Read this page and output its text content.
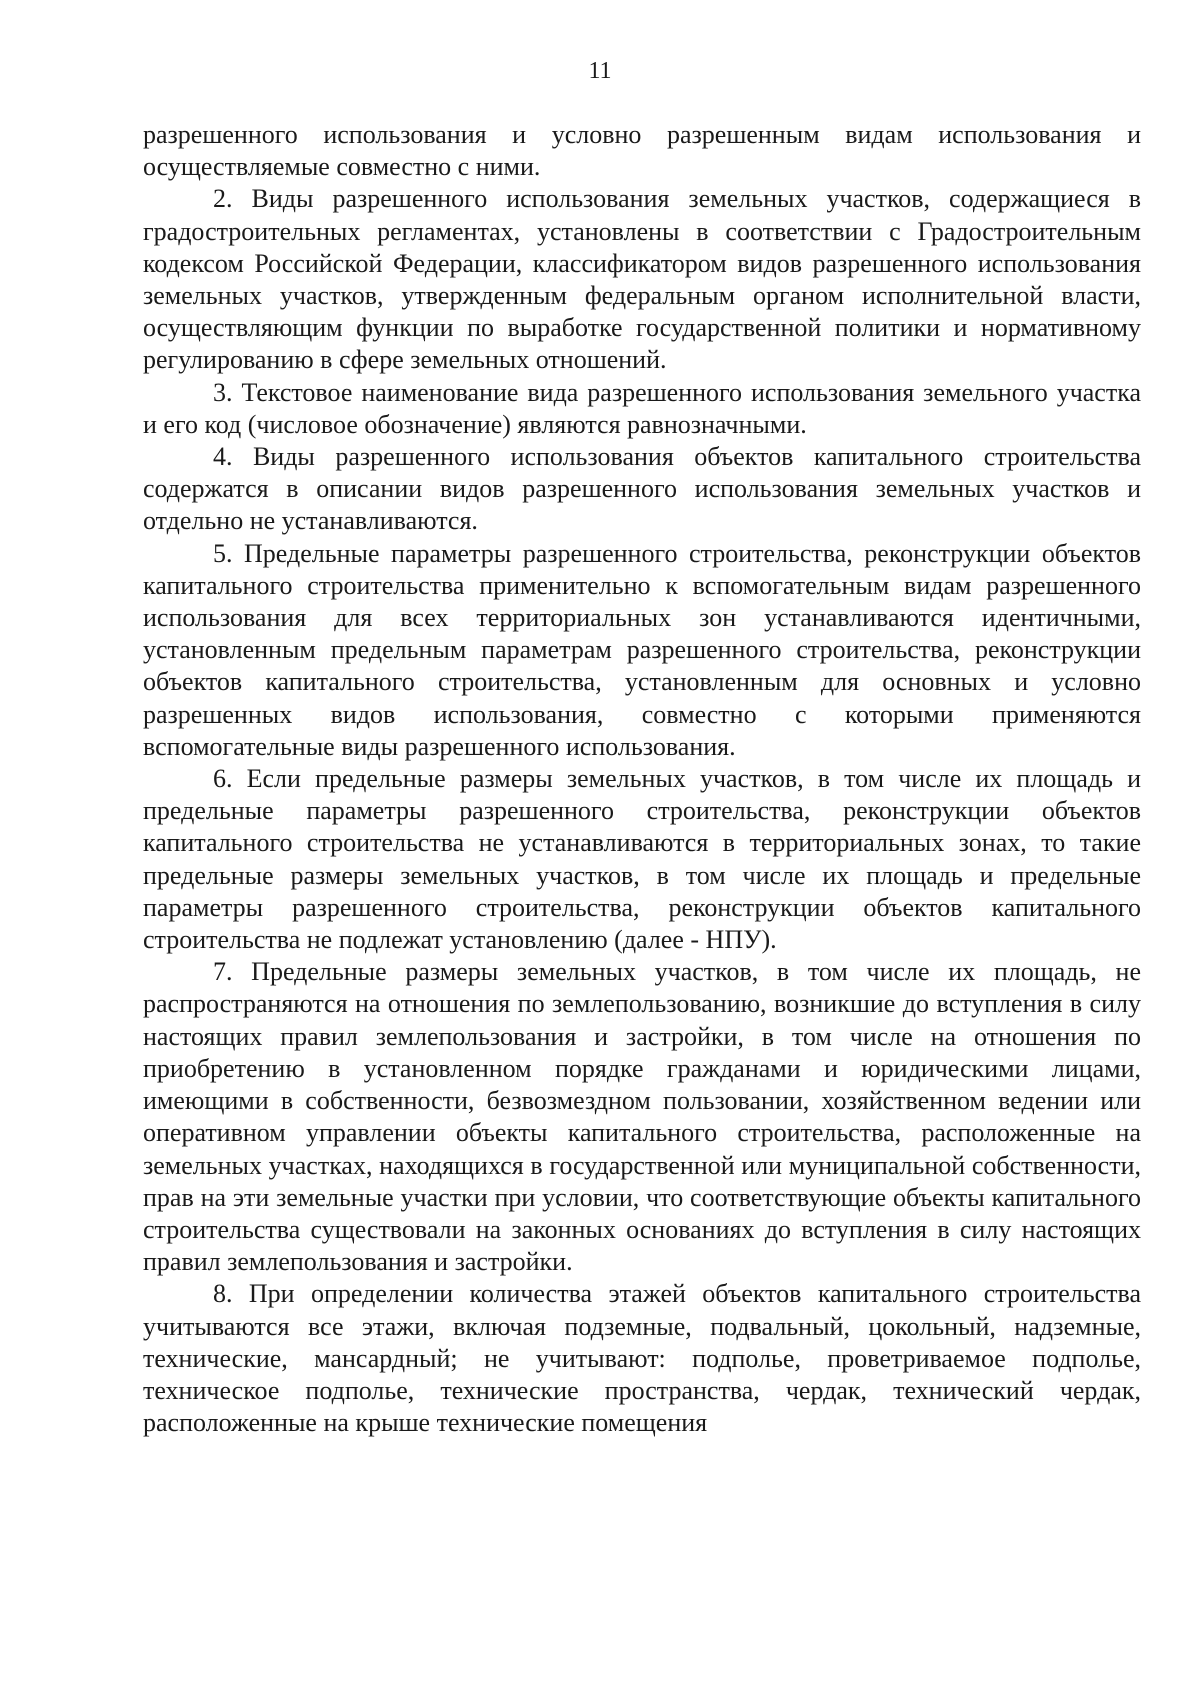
11

разрешенного использования и условно разрешенным видам использования и осуществляемые совместно с ними.

2. Виды разрешенного использования земельных участков, содержащиеся в градостроительных регламентах, установлены в соответствии с Градостроительным кодексом Российской Федерации, классификатором видов разрешенного использования земельных участков, утвержденным федеральным органом исполнительной власти, осуществляющим функции по выработке государственной политики и нормативному регулированию в сфере земельных отношений.

3. Текстовое наименование вида разрешенного использования земельного участка и его код (числовое обозначение) являются равнозначными.

4. Виды разрешенного использования объектов капитального строительства содержатся в описании видов разрешенного использования земельных участков и отдельно не устанавливаются.

5. Предельные параметры разрешенного строительства, реконструкции объектов капитального строительства применительно к вспомогательным видам разрешенного использования для всех территориальных зон устанавливаются идентичными, установленным предельным параметрам разрешенного строительства, реконструкции объектов капитального строительства, установленным для основных и условно разрешенных видов использования, совместно с которыми применяются вспомогательные виды разрешенного использования.

6. Если предельные размеры земельных участков, в том числе их площадь и предельные параметры разрешенного строительства, реконструкции объектов капитального строительства не устанавливаются в территориальных зонах, то такие предельные размеры земельных участков, в том числе их площадь и предельные параметры разрешенного строительства, реконструкции объектов капитального строительства не подлежат установлению (далее - НПУ).

7. Предельные размеры земельных участков, в том числе их площадь, не распространяются на отношения по землепользованию, возникшие до вступления в силу настоящих правил землепользования и застройки, в том числе на отношения по приобретению в установленном порядке гражданами и юридическими лицами, имеющими в собственности, безвозмездном пользовании, хозяйственном ведении или оперативном управлении объекты капитального строительства, расположенные на земельных участках, находящихся в государственной или муниципальной собственности, прав на эти земельные участки при условии, что соответствующие объекты капитального строительства существовали на законных основаниях до вступления в силу настоящих правил землепользования и застройки.

8. При определении количества этажей объектов капитального строительства учитываются все этажи, включая подземные, подвальный, цокольный, надземные, технические, мансардный; не учитывают: подполье, проветриваемое подполье, техническое подполье, технические пространства, чердак, технический чердак, расположенные на крыше технические помещения
